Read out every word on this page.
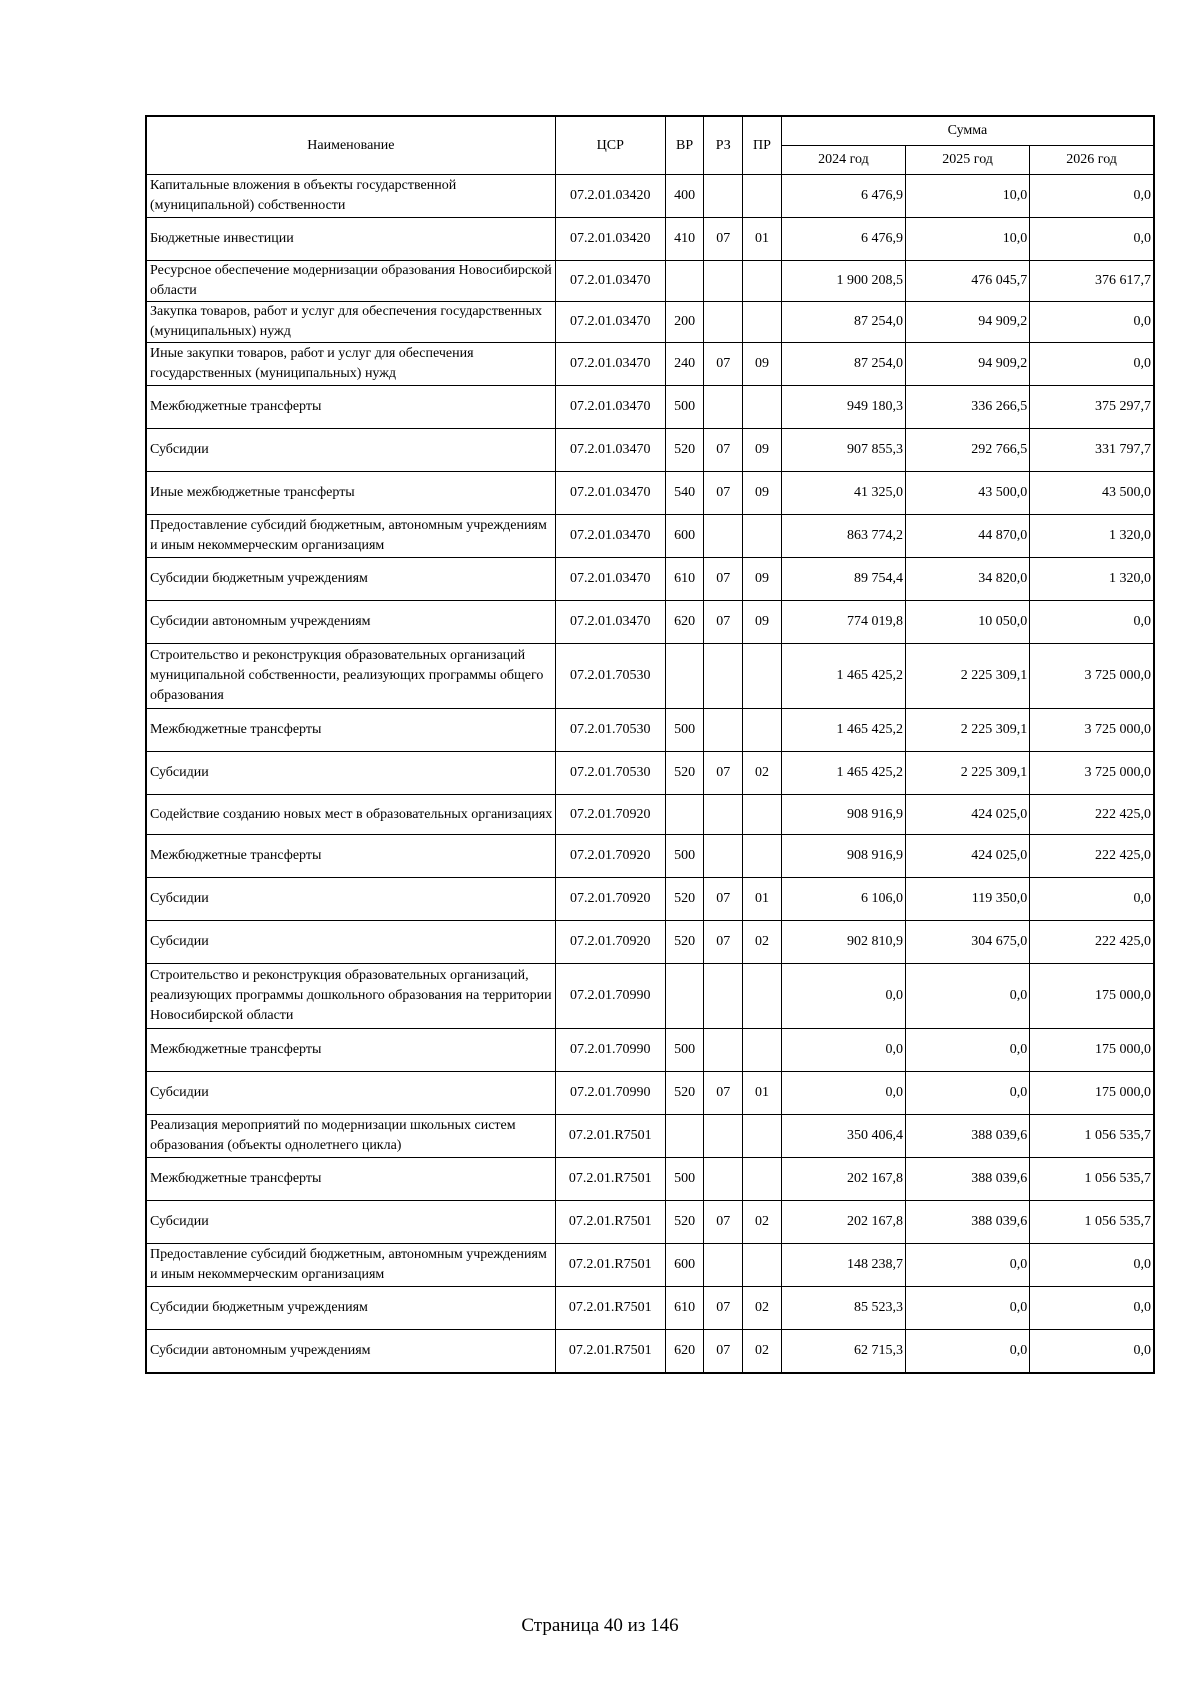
Наименование	ЦСР	ВР	РЗ	ПР	Сумма		
					2024 год	2025 год	2026 год
Капитальные вложения в объекты государственной (муниципальной) собственности	07.2.01.03420	400			6 476,9	10,0	0,0
Бюджетные инвестиции	07.2.01.03420	410	07	01	6 476,9	10,0	0,0
Ресурсное обеспечение модернизации образования Новосибирской области	07.2.01.03470				1 900 208,5	476 045,7	376 617,7
Закупка товаров, работ и услуг для обеспечения государственных (муниципальных) нужд	07.2.01.03470	200			87 254,0	94 909,2	0,0
Иные закупки товаров, работ и услуг для обеспечения государственных (муниципальных) нужд	07.2.01.03470	240	07	09	87 254,0	94 909,2	0,0
Межбюджетные трансферты	07.2.01.03470	500			949 180,3	336 266,5	375 297,7
Субсидии	07.2.01.03470	520	07	09	907 855,3	292 766,5	331 797,7
Иные межбюджетные трансферты	07.2.01.03470	540	07	09	41 325,0	43 500,0	43 500,0
Предоставление субсидий бюджетным, автономным учреждениям и иным некоммерческим организациям	07.2.01.03470	600			863 774,2	44 870,0	1 320,0
Субсидии бюджетным учреждениям	07.2.01.03470	610	07	09	89 754,4	34 820,0	1 320,0
Субсидии автономным учреждениям	07.2.01.03470	620	07	09	774 019,8	10 050,0	0,0
Строительство и реконструкция образовательных организаций муниципальной собственности, реализующих программы общего образования	07.2.01.70530				1 465 425,2	2 225 309,1	3 725 000,0
Межбюджетные трансферты	07.2.01.70530	500			1 465 425,2	2 225 309,1	3 725 000,0
Субсидии	07.2.01.70530	520	07	02	1 465 425,2	2 225 309,1	3 725 000,0
Содействие созданию новых мест в образовательных организациях	07.2.01.70920				908 916,9	424 025,0	222 425,0
Межбюджетные трансферты	07.2.01.70920	500			908 916,9	424 025,0	222 425,0
Субсидии	07.2.01.70920	520	07	01	6 106,0	119 350,0	0,0
Субсидии	07.2.01.70920	520	07	02	902 810,9	304 675,0	222 425,0
Строительство и реконструкция образовательных организаций, реализующих программы дошкольного образования на территории Новосибирской области	07.2.01.70990				0,0	0,0	175 000,0
Межбюджетные трансферты	07.2.01.70990	500			0,0	0,0	175 000,0
Субсидии	07.2.01.70990	520	07	01	0,0	0,0	175 000,0
Реализация мероприятий по модернизации школьных систем образования (объекты однолетнего цикла)	07.2.01.R7501				350 406,4	388 039,6	1 056 535,7
Межбюджетные трансферты	07.2.01.R7501	500			202 167,8	388 039,6	1 056 535,7
Субсидии	07.2.01.R7501	520	07	02	202 167,8	388 039,6	1 056 535,7
Предоставление субсидий бюджетным, автономным учреждениям и иным некоммерческим организациям	07.2.01.R7501	600			148 238,7	0,0	0,0
Субсидии бюджетным учреждениям	07.2.01.R7501	610	07	02	85 523,3	0,0	0,0
Субсидии автономным учреждениям	07.2.01.R7501	620	07	02	62 715,3	0,0	0,0
Страница 40 из 146
